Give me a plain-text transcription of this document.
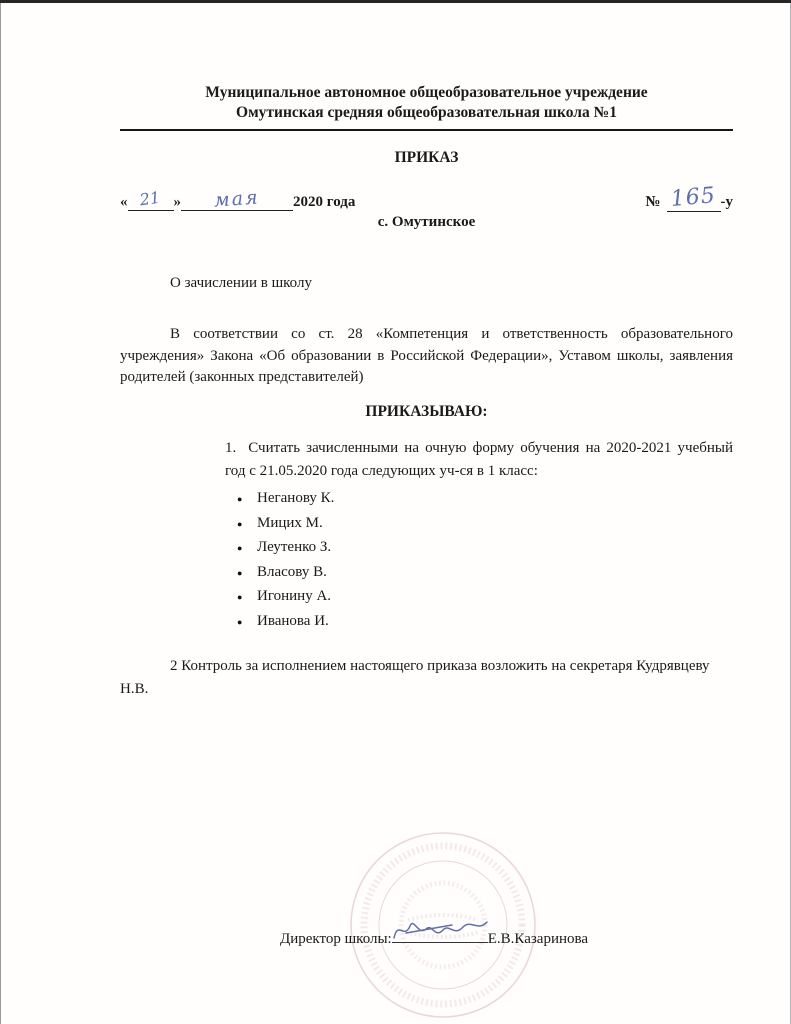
Муниципальное автономное общеобразовательное учреждение
Омутинская средняя общеобразовательная школа №1
ПРИКАЗ
« 21 » мая 2020 года	№ 165 -у
с. Омутинское
О зачислении в школу
В соответствии со ст. 28 «Компетенция и ответственность образовательного учреждения» Закона «Об образовании в Российской Федерации», Уставом школы, заявления родителей (законных представителей)
ПРИКАЗЫВАЮ:

1. Считать зачисленными на очную форму обучения на 2020-2021 учебный год с 21.05.2020 года следующих уч-ся в 1 класс:

● Неганову К.
● Мицих М.
● Леутенко З.
● Власову В.
● Игонину А.
● Иванова И.
2 Контроль за исполнением настоящего приказа возложить на секретаря Кудрявцеву Н.В.
Директор школы:	Е.В.Казаринова
